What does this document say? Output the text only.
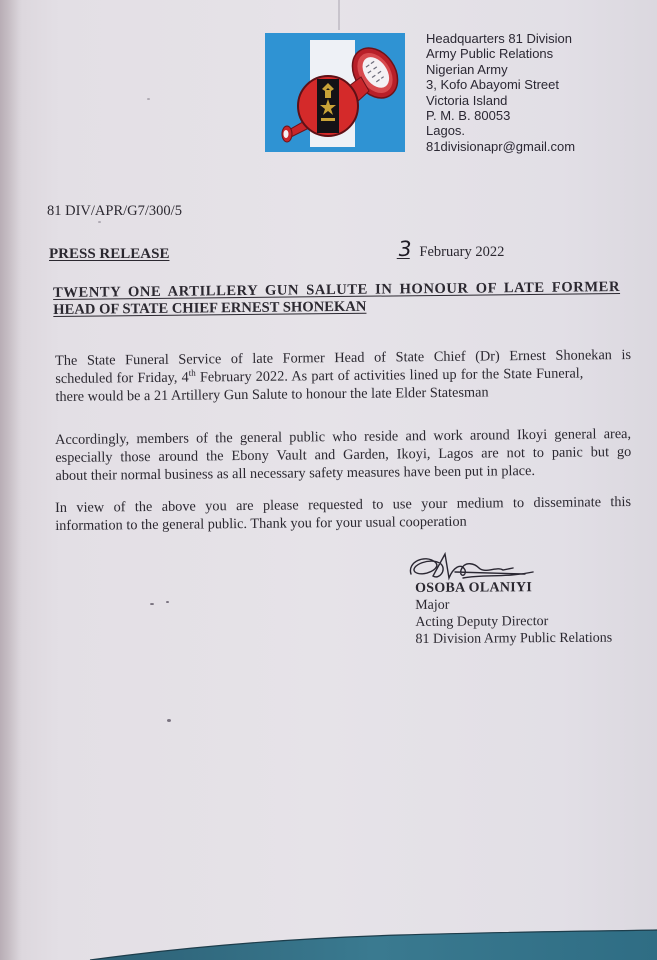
Headquarters 81 Division
Army Public Relations
Nigerian Army
3, Kofo Abayomi Street
Victoria Island
P. M. B. 80053
Lagos.
81divisionapr@gmail.com
81 DIV/APR/G7/300/5
PRESS RELEASE	3 February 2022
TWENTY ONE ARTILLERY GUN SALUTE IN HONOUR OF LATE FORMER
HEAD OF STATE CHIEF ERNEST SHONEKAN
The State Funeral Service of late Former Head of State Chief (Dr) Ernest Shonekan is
scheduled for Friday, 4th February 2022. As part of activities lined up for the State Funeral,
there would be a 21 Artillery Gun Salute to honour the late Elder Statesman
Accordingly, members of the general public who reside and work around Ikoyi general area,
especially those around the Ebony Vault and Garden, Ikoyi, Lagos are not to panic but go
about their normal business as all necessary safety measures have been put in place.
In view of the above you are please requested to use your medium to disseminate this
information to the general public. Thank you for your usual cooperation
OSOBA OLANIYI
Major
Acting Deputy Director
81 Division Army Public Relations
